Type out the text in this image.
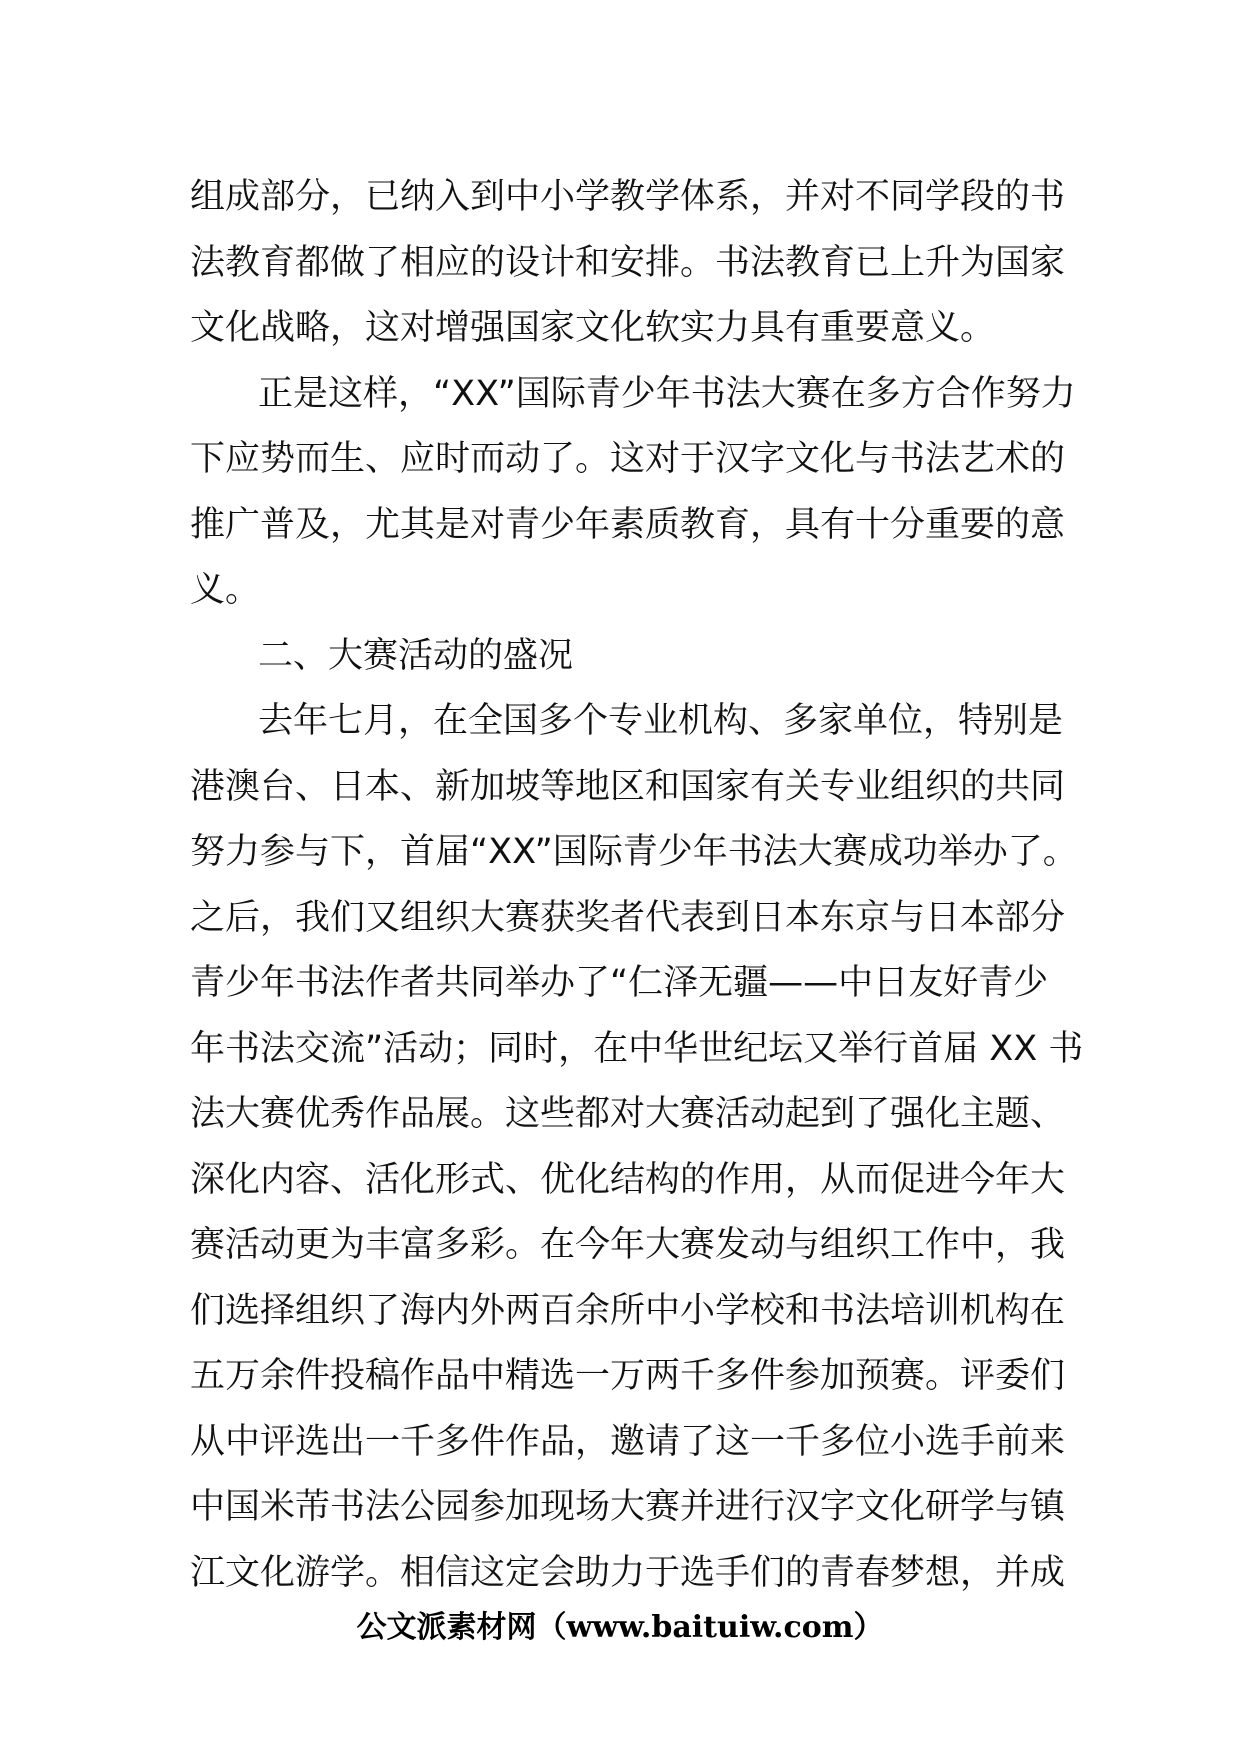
组成部分，已纳入到中小学教学体系，并对不同学段的书
法教育都做了相应的设计和安排。书法教育已上升为国家
文化战略，这对增强国家文化软实力具有重要意义。
正是这样，“XX”国际青少年书法大赛在多方合作努力
下应势而生、应时而动了。这对于汉字文化与书法艺术的
推广普及，尤其是对青少年素质教育，具有十分重要的意
义。
二、大赛活动的盛况
去年七月，在全国多个专业机构、多家单位，特别是
港澳台、日本、新加坡等地区和国家有关专业组织的共同
努力参与下，首届“XX”国际青少年书法大赛成功举办了。
之后，我们又组织大赛获奖者代表到日本东京与日本部分
青少年书法作者共同举办了“仁泽无疆——中日友好青少
年书法交流”活动；同时，在中华世纪坛又举行首届 XX 书
法大赛优秀作品展。这些都对大赛活动起到了强化主题、
深化内容、活化形式、优化结构的作用，从而促进今年大
赛活动更为丰富多彩。在今年大赛发动与组织工作中，我
们选择组织了海内外两百余所中小学校和书法培训机构在
五万余件投稿作品中精选一万两千多件参加预赛。评委们
从中评选出一千多件作品，邀请了这一千多位小选手前来
中国米芾书法公园参加现场大赛并进行汉字文化研学与镇
江文化游学。相信这定会助力于选手们的青春梦想，并成
公文派素材网（www.baituiw.com）
